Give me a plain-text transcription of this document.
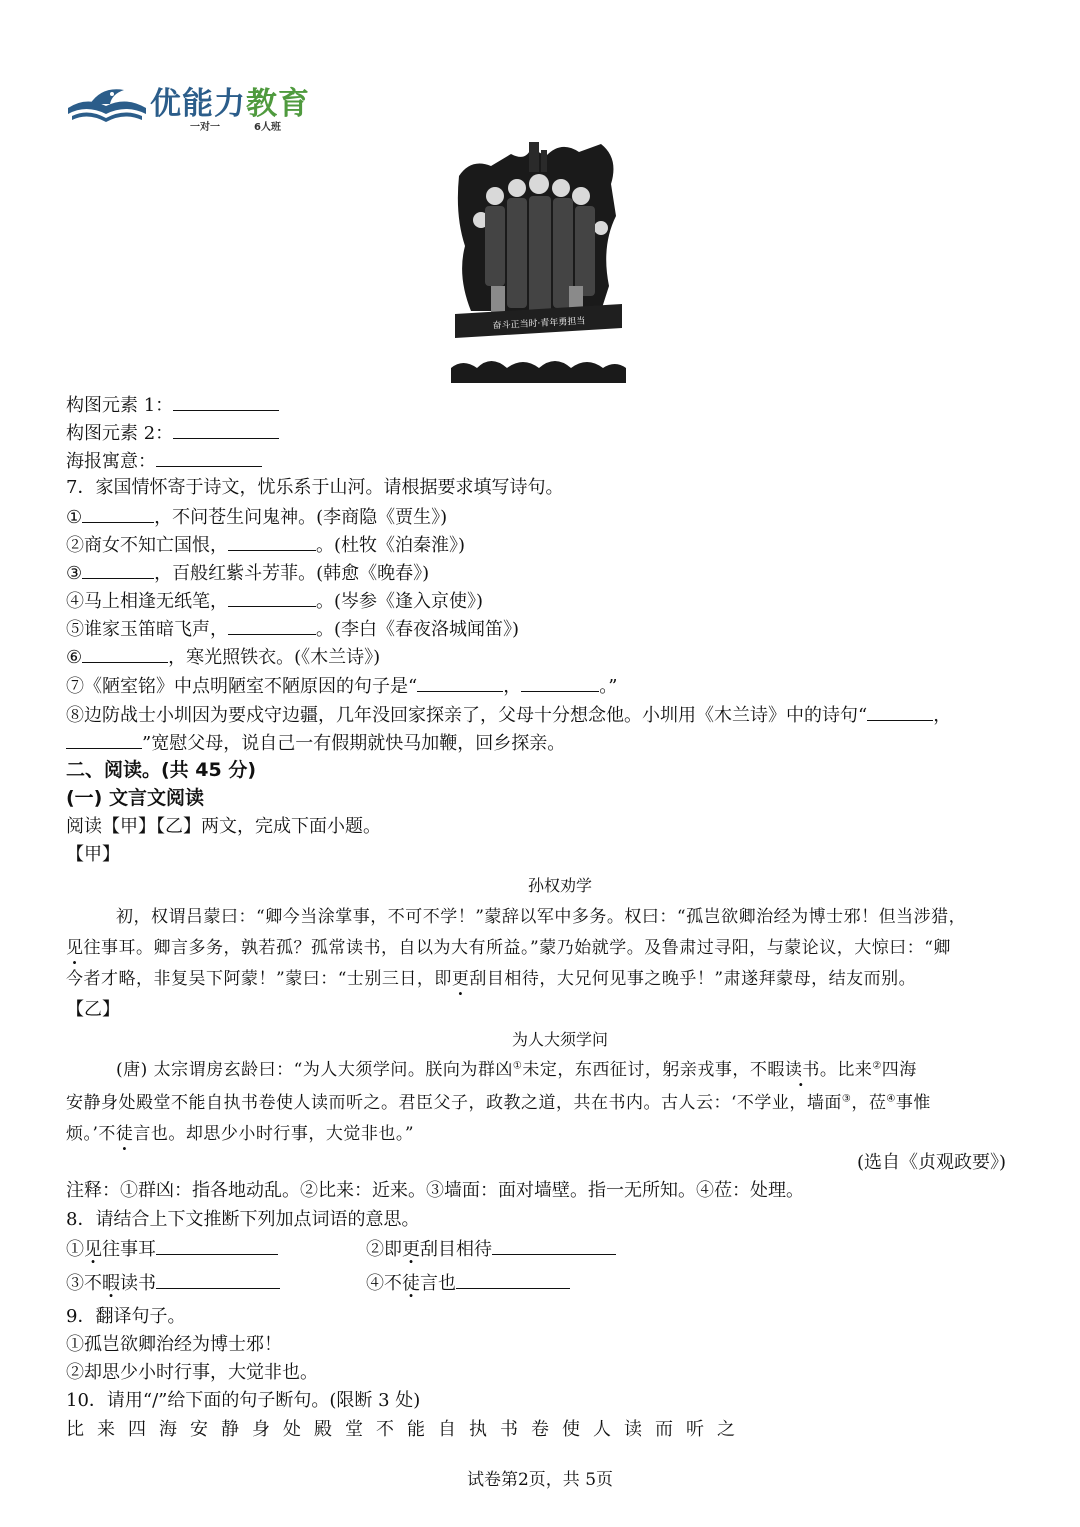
优能力教育
一对一	6人班
奋斗正当时·青年勇担当
构图元素 1：
构图元素 2：
海报寓意：
7．家国情怀寄于诗文，忧乐系于山河。请根据要求填写诗句。
①	，不问苍生问鬼神。(李商隐《贾生》)
②商女不知亡国恨，	。(杜牧《泊秦淮》)
③	，百般红紫斗芳菲。(韩愈《晚春》)
④马上相逢无纸笔，	。(岑参《逢入京使》)
⑤谁家玉笛暗飞声，	。(李白《春夜洛城闻笛》)
⑥	，寒光照铁衣。(《木兰诗》)
⑦《陋室铭》中点明陋室不陋原因的句子是“	，	。”
⑧边防战士小圳因为要戍守边疆，几年没回家探亲了，父母十分想念他。小圳用《木兰诗》中的诗句“	，
”宽慰父母，说自己一有假期就快马加鞭，回乡探亲。
二、阅读。(共 45 分)
(一) 文言文阅读
阅读【甲】【乙】两文，完成下面小题。
【甲】
孙权劝学
初，权谓吕蒙曰：“卿今当涂掌事，不可不学！”蒙辞以军中多务。权曰：“孤岂欲卿治经为博士邪！但当涉猎，
见往事耳。卿言多务，孰若孤？孤常读书，自以为大有所益。”蒙乃始就学。及鲁肃过寻阳，与蒙论议，大惊曰：“卿
今者才略，非复吴下阿蒙！”蒙曰：“士别三日，即更刮目相待，大兄何见事之晚乎！”肃遂拜蒙母，结友而别。
【乙】
为人大须学问
(唐) 太宗谓房玄龄曰：“为人大须学问。朕向为群凶①未定，东西征讨，躬亲戎事，不暇读书。比来②四海
安静身处殿堂不能自执书卷使人读而听之。君臣父子，政教之道，共在书内。古人云：‘不学业，墙面③，莅④事惟
烦。’不徒言也。却思少小时行事，大觉非也。”
(选自《贞观政要》)
注释：①群凶：指各地动乱。②比来：近来。③墙面：面对墙壁。指一无所知。④莅：处理。
8．请结合上下文推断下列加点词语的意思。
①见往事耳	②即更刮目相待
③不暇读书	④不徒言也
9．翻译句子。
①孤岂欲卿治经为博士邪！
②却思少小时行事，大觉非也。
10．请用“/”给下面的句子断句。(限断 3 处)
比来四海安静身处殿堂不能自执书卷使人读而听之
试卷第2页，共 5页
